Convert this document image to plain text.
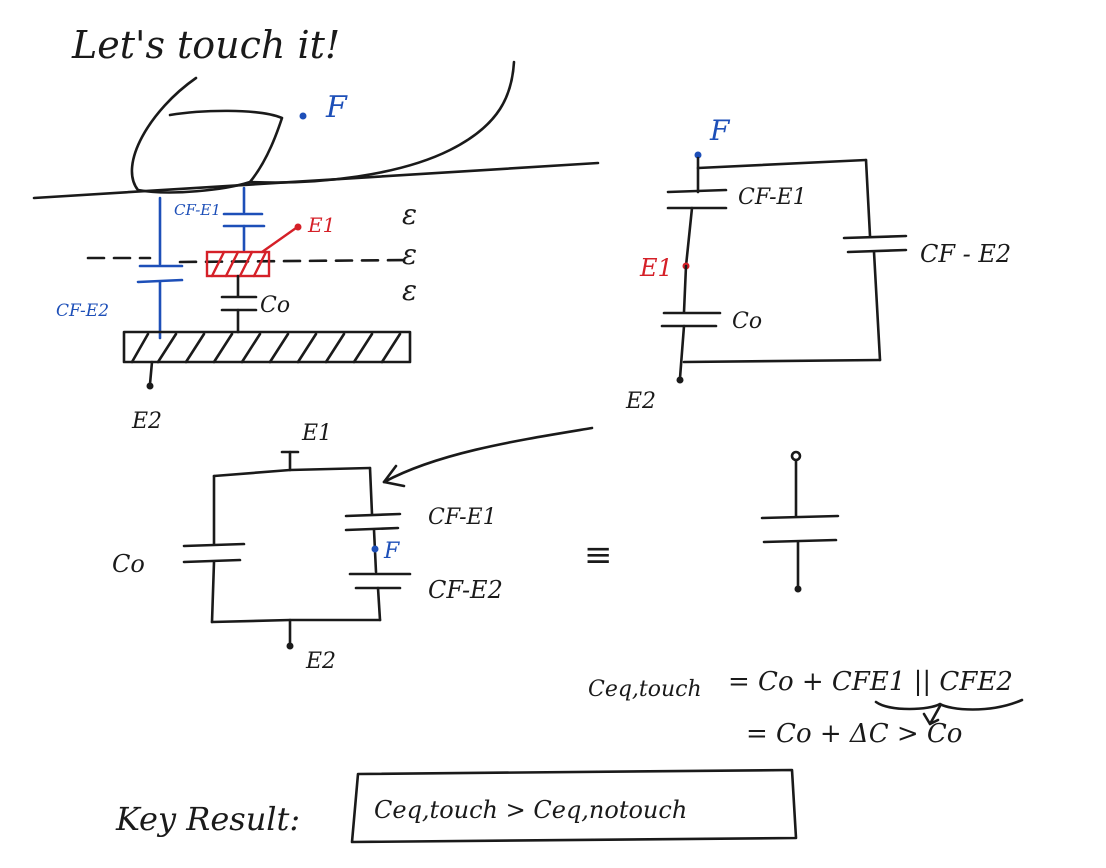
Let's touch it!
F
ε
ε
ε
CF-E2
CF-E1
E1
Co
E2
F
CF-E1
E1
Co
E2
CF - E2
E1
Co
CF-E1
F
CF-E2
E2
≡
Ceq,touch = Co + CFE1 || CFE2
= Co + ΔC > Co
Key Result:	Ceq,touch > Ceq,notouch
